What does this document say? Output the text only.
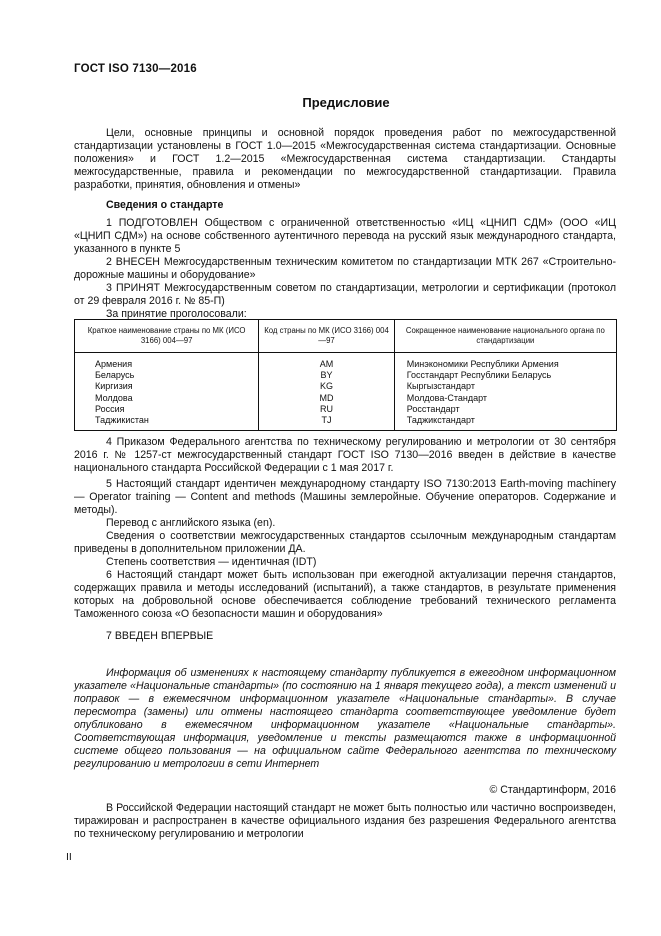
ГОСТ ISO 7130—2016
Предисловие

Цели, основные принципы и основной порядок проведения работ по межгосударственной стандартизации установлены в ГОСТ 1.0—2015 «Межгосударственная система стандартизации. Основные положения» и ГОСТ 1.2—2015 «Межгосударственная система стандартизации. Стандарты межгосударственные, правила и рекомендации по межгосударственной стандартизации. Правила разработки, принятия, обновления и отмены»

Сведения о стандарте

1 ПОДГОТОВЛЕН Обществом с ограниченной ответственностью «ИЦ «ЦНИП СДМ» (ООО «ИЦ «ЦНИП СДМ») на основе собственного аутентичного перевода на русский язык международного стандарта, указанного в пункте 5

2 ВНЕСЕН Межгосударственным техническим комитетом по стандартизации МТК 267 «Строительно-дорожные машины и оборудование»

3 ПРИНЯТ Межгосударственным советом по стандартизации, метрологии и сертификации (протокол от 29 февраля 2016 г. № 85-П)

За принятие проголосовали:

Краткое наименование страны по МК (ИСО 3166) 004—97	Код страны по МК (ИСО 3166) 004—97	Сокращенное наименование национального органа по стандартизации
Армения	AM	Минэкономики Республики Армения
Беларусь	BY	Госстандарт Республики Беларусь
Киргизия	KG	Кыргызстандарт
Молдова	MD	Молдова-Стандарт
Россия	RU	Росстандарт
Таджикистан	TJ	Таджикстандарт

4 Приказом Федерального агентства по техническому регулированию и метрологии от 30 сентября 2016 г. № 1257-ст межгосударственный стандарт ГОСТ ISO 7130—2016 введен в действие в качестве национального стандарта Российской Федерации с 1 мая 2017 г.

5 Настоящий стандарт идентичен международному стандарту ISO 7130:2013 Earth-moving machinery — Operator training — Content and methods (Машины землеройные. Обучение операторов. Содержание и методы).

Перевод с английского языка (en).

Сведения о соответствии межгосударственных стандартов ссылочным международным стандартам приведены в дополнительном приложении ДА.

Степень соответствия — идентичная (IDT)

6 Настоящий стандарт может быть использован при ежегодной актуализации перечня стандартов, содержащих правила и методы исследований (испытаний), а также стандартов, в результате применения которых на добровольной основе обеспечивается соблюдение требований технического регламента Таможенного союза «О безопасности машин и оборудования»

7 ВВЕДЕН ВПЕРВЫЕ

Информация об изменениях к настоящему стандарту публикуется в ежегодном информационном указателе «Национальные стандарты» (по состоянию на 1 января текущего года), а текст изменений и поправок — в ежемесячном информационном указателе «Национальные стандарты». В случае пересмотра (замены) или отмены настоящего стандарта соответствующее уведомление будет опубликовано в ежемесячном информационном указателе «Национальные стандарты». Соответствующая информация, уведомление и тексты размещаются также в информационной системе общего пользования — на официальном сайте Федерального агентства по техническому регулированию и метрологии в сети Интернет

© Стандартинформ, 2016

В Российской Федерации настоящий стандарт не может быть полностью или частично воспроизведен, тиражирован и распространен в качестве официального издания без разрешения Федерального агентства по техническому регулированию и метрологии

II
